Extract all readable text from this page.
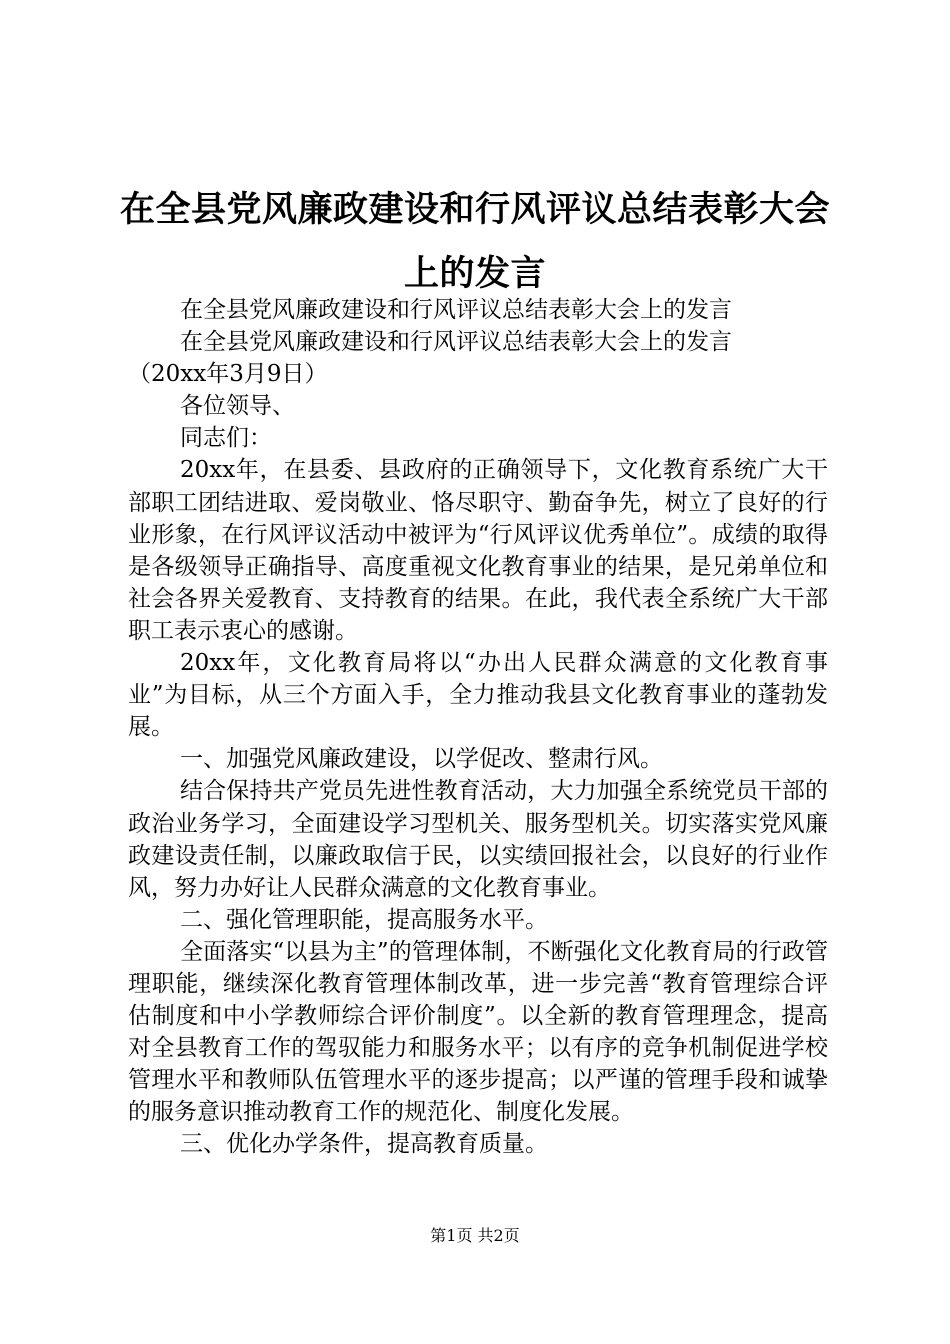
在全县党风廉政建设和行风评议总结表彰大会
上的发言

在全县党风廉政建设和行风评议总结表彰大会上的发言

在全县党风廉政建设和行风评议总结表彰大会上的发言

（20xx年3月9日）

各位领导、

同志们：

20xx年，在县委、县政府的正确领导下，文化教育系统广大干部职工团结进取、爱岗敬业、恪尽职守、勤奋争先，树立了良好的行业形象，在行风评议活动中被评为“行风评议优秀单位”。成绩的取得是各级领导正确指导、高度重视文化教育事业的结果，是兄弟单位和社会各界关爱教育、支持教育的结果。在此，我代表全系统广大干部职工表示衷心的感谢。

20xx年，文化教育局将以“办出人民群众满意的文化教育事业”为目标，从三个方面入手，全力推动我县文化教育事业的蓬勃发展。

一、加强党风廉政建设，以学促改、整肃行风。

结合保持共产党员先进性教育活动，大力加强全系统党员干部的政治业务学习，全面建设学习型机关、服务型机关。切实落实党风廉政建设责任制，以廉政取信于民，以实绩回报社会，以良好的行业作风，努力办好让人民群众满意的文化教育事业。

二、强化管理职能，提高服务水平。

全面落实“以县为主”的管理体制，不断强化文化教育局的行政管理职能，继续深化教育管理体制改革，进一步完善“教育管理综合评估制度和中小学教师综合评价制度”。以全新的教育管理理念，提高对全县教育工作的驾驭能力和服务水平；以有序的竞争机制促进学校管理水平和教师队伍管理水平的逐步提高；以严谨的管理手段和诚挚的服务意识推动教育工作的规范化、制度化发展。

三、优化办学条件，提高教育质量。

第1页 共2页
